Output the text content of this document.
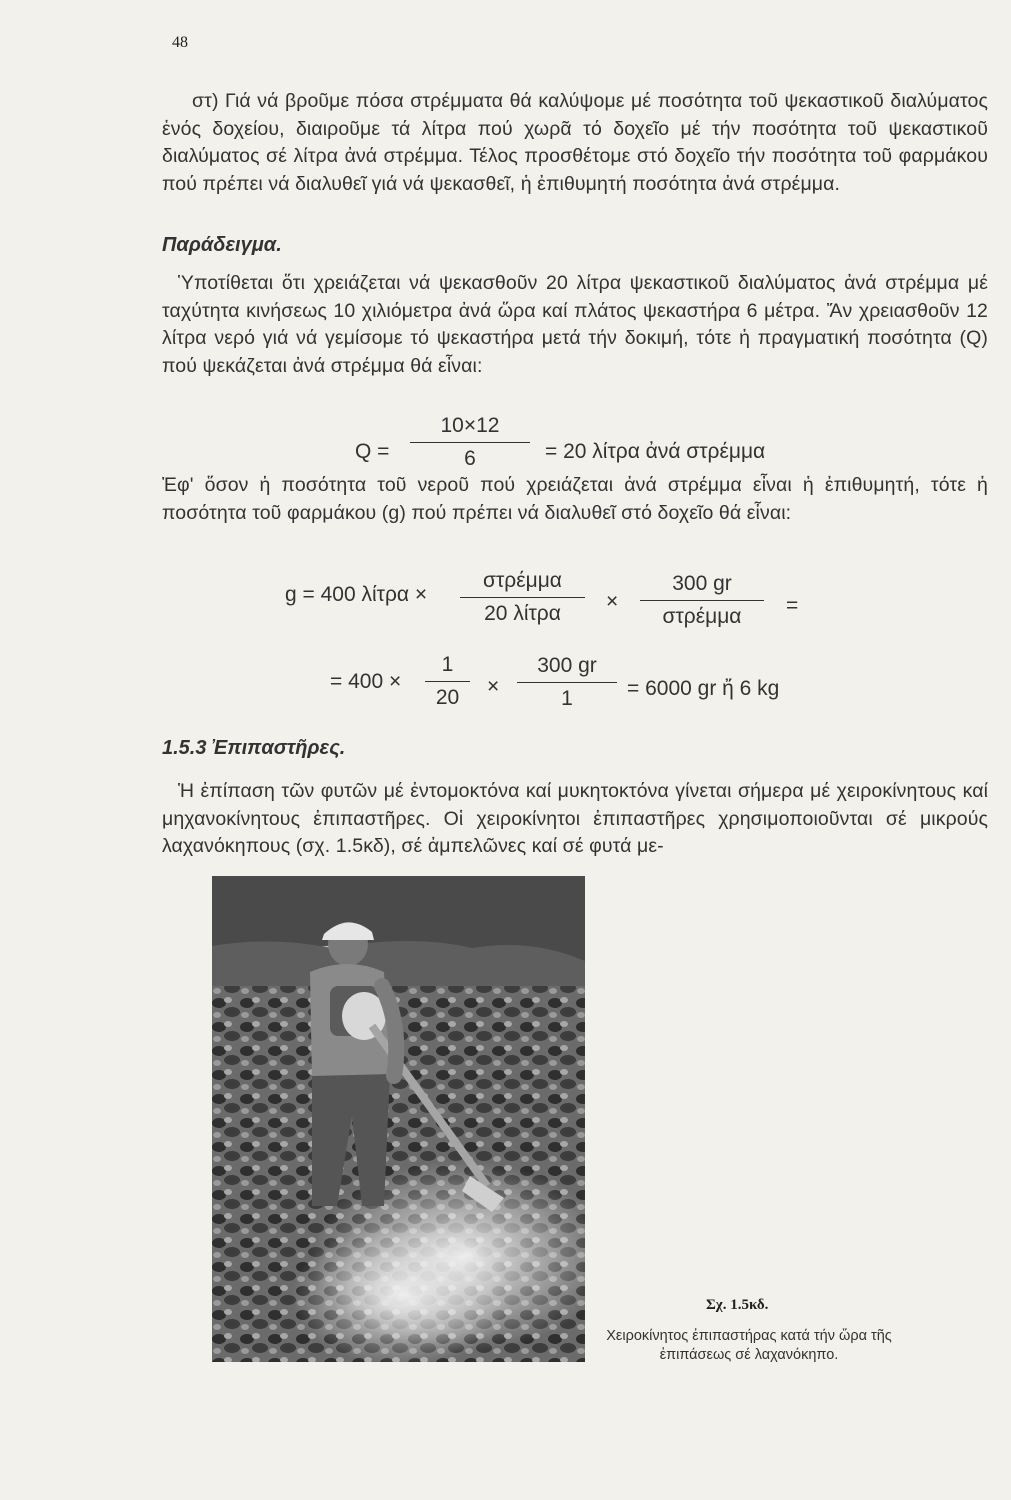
48

στ) Γιά νά βροῦμε πόσα στρέμματα θά καλύψομε μέ ποσότητα τοῦ ψεκαστικοῦ διαλύματος ἑνός δοχείου, διαιροῦμε τά λίτρα πού χωρᾶ τό δοχεῖο μέ τήν ποσότητα τοῦ ψεκαστικοῦ διαλύματος σέ λίτρα ἀνά στρέμμα. Τέλος προσθέτομε στό δοχεῖο τήν ποσότητα τοῦ φαρμάκου πού πρέπει νά διαλυθεῖ γιά νά ψεκασθεῖ, ἡ ἐπιθυμητή ποσότητα ἀνά στρέμμα.

Παράδειγμα.

Ὑποτίθεται ὅτι χρειάζεται νά ψεκασθοῦν 20 λίτρα ψεκαστικοῦ διαλύματος ἀνά στρέμμα μέ ταχύτητα κινήσεως 10 χιλιόμετρα ἀνά ὥρα καί πλάτος ψεκαστήρα 6 μέτρα. Ἄν χρειασθοῦν 12 λίτρα νερό γιά νά γεμίσομε τό ψεκαστήρα μετά τήν δοκιμή, τότε ἡ πραγματική ποσότητα (Q) πού ψεκάζεται ἀνά στρέμμα θά εἶναι:

Q =
10×12
6	= 20 λίτρα ἀνά στρέμμα

Ἐφ' ὅσον ἡ ποσότητα τοῦ νεροῦ πού χρειάζεται ἀνά στρέμμα εἶναι ἡ ἐπιθυμητή, τότε ἡ ποσότητα τοῦ φαρμάκου (g) πού πρέπει νά διαλυθεῖ στό δοχεῖο θά εἶναι:

g = 400 λίτρα ×
στρέμμα
20 λίτρα
×
300 gr
στρέμμα	=
= 400 ×
1
20	×
300 gr
1	= 6000 gr ἤ 6 kg
1.5.3 Ἐπιπαστῆρες.

Ἡ ἐπίπαση τῶν φυτῶν μέ ἐντομοκτόνα καί μυκητοκτόνα γίνεται σήμερα μέ χειροκίνητους καί μηχανοκίνητους ἐπιπαστῆρες. Οἱ χειροκίνητοι ἐπιπαστῆρες χρησιμοποιοῦνται σέ μικρούς λαχανόκηπους (σχ. 1.5κδ), σέ ἀμπελῶνες καί σέ φυτά με-

Σχ. 1.5κδ.
Χειροκίνητος ἐπιπαστήρας κατά τήν ὥρα τῆς ἐπιπάσεως σέ λαχανόκηπο.
